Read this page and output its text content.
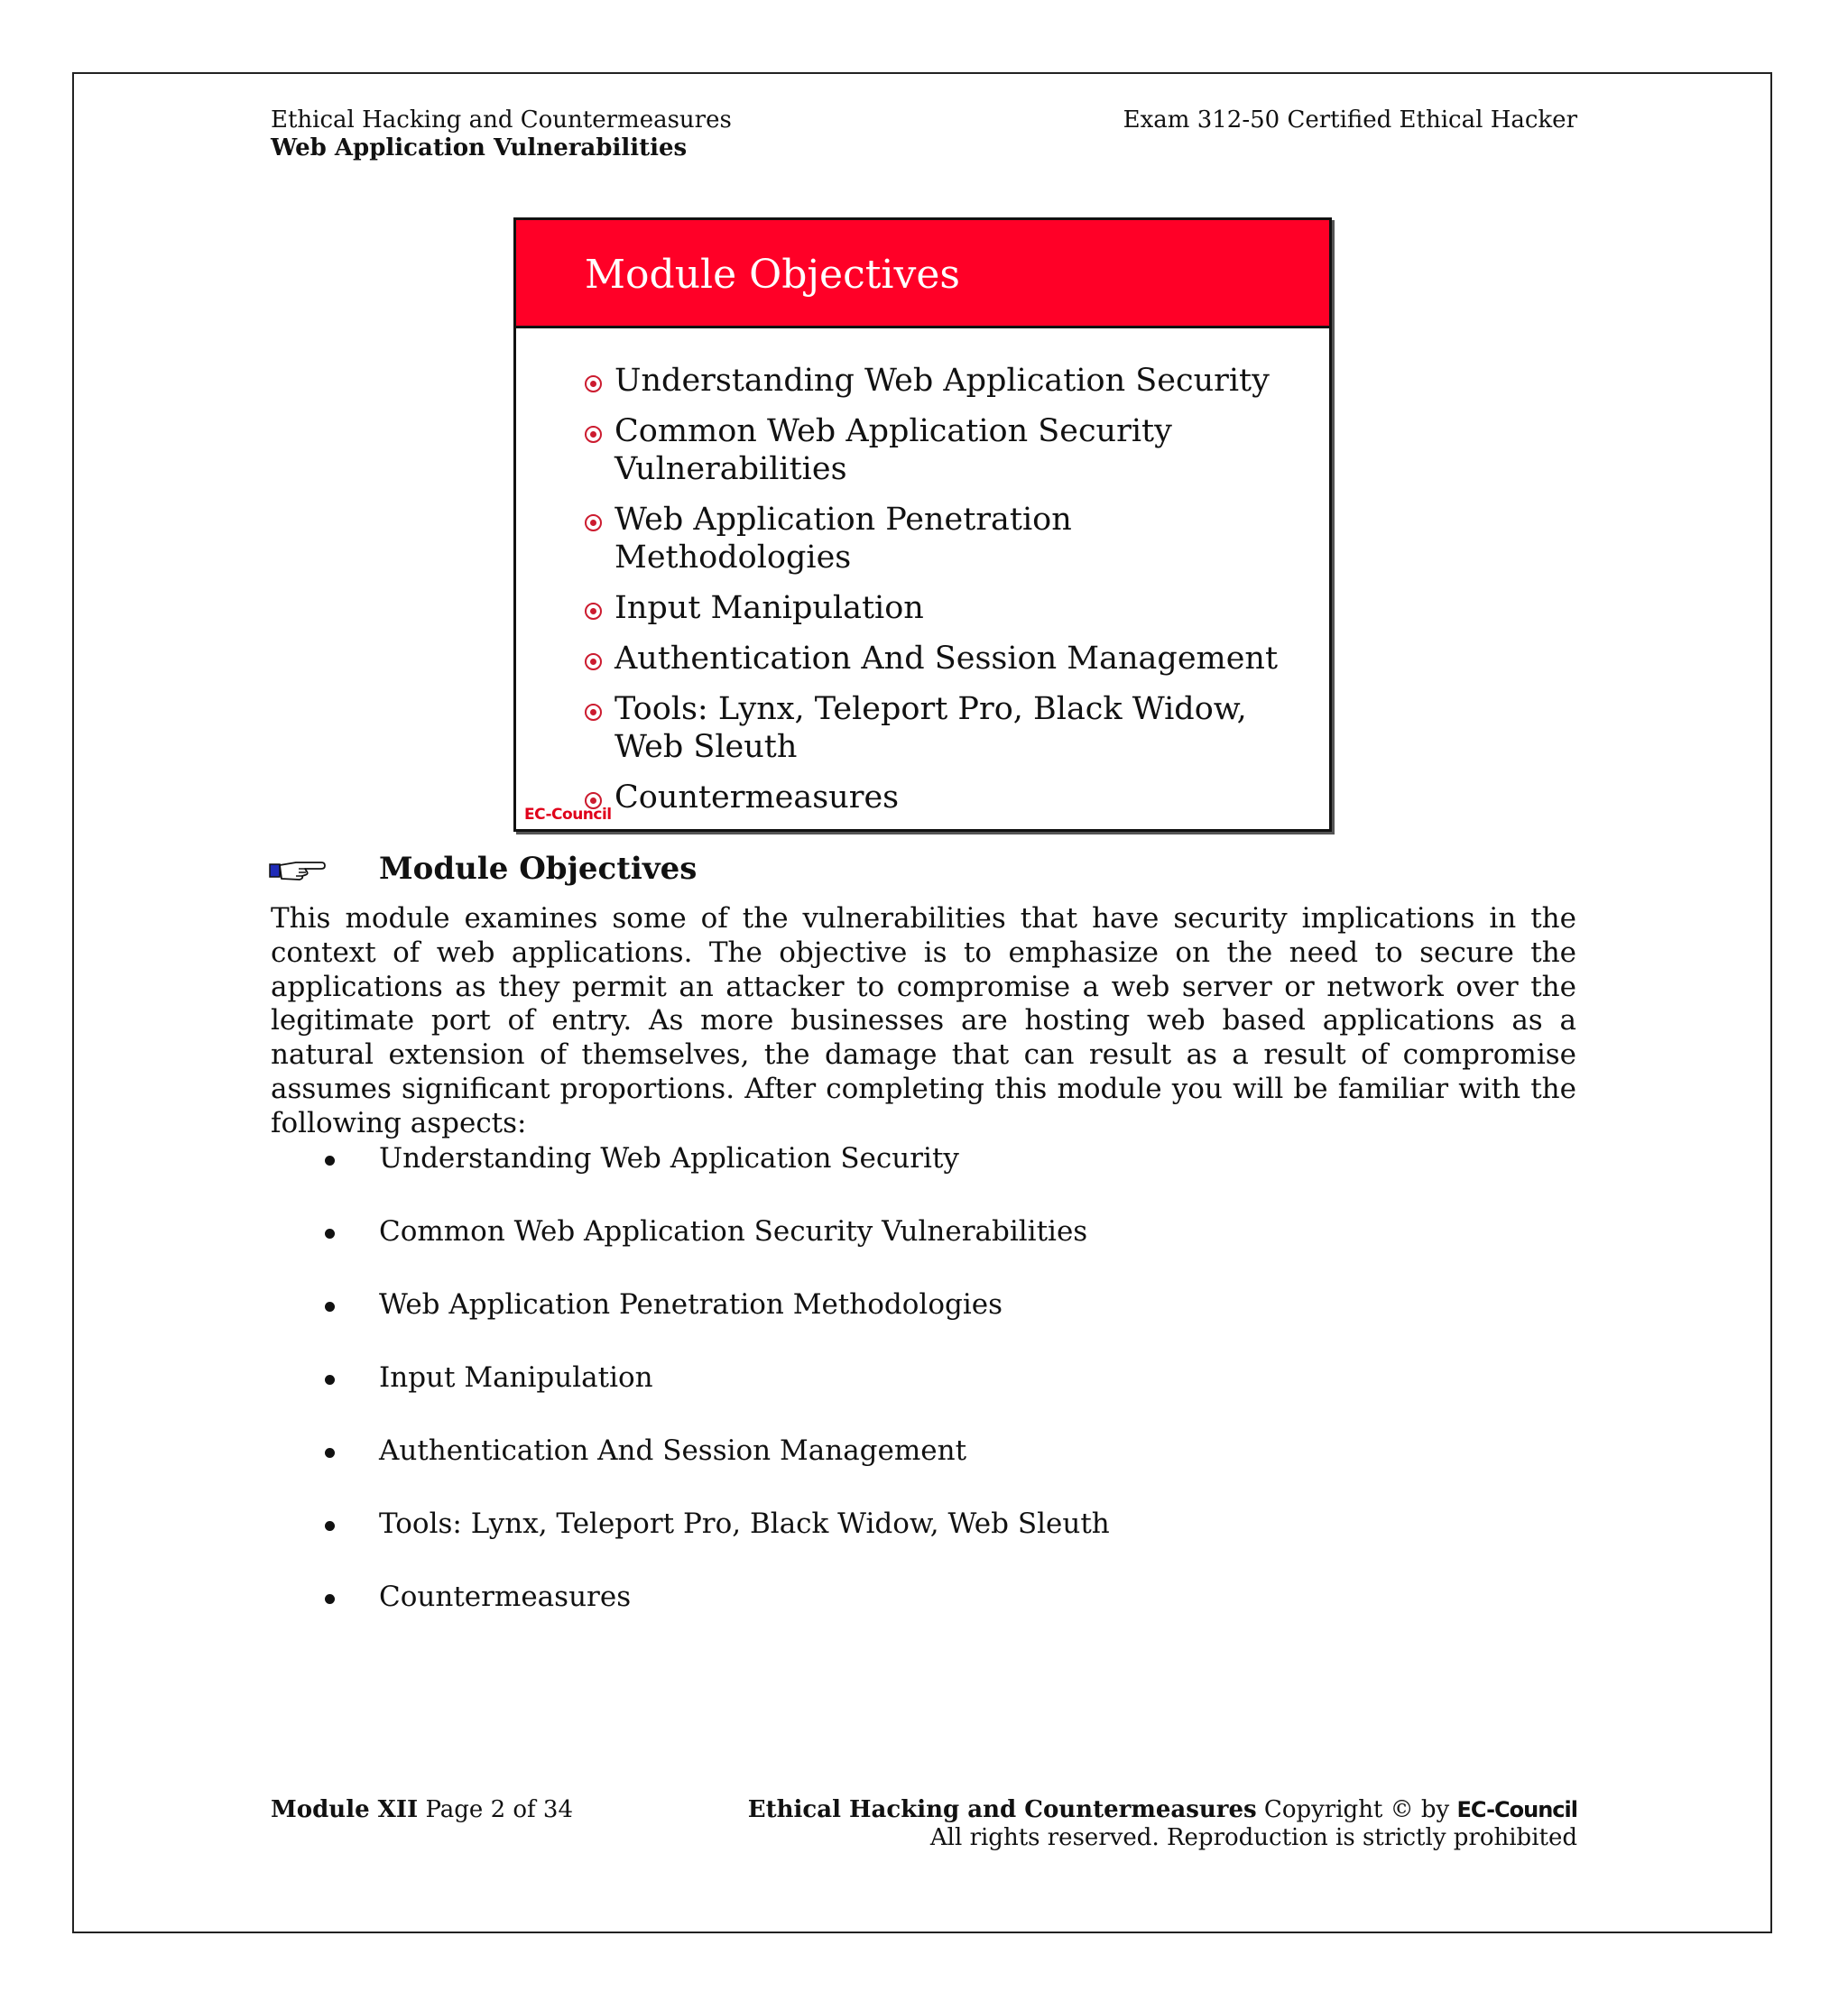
Ethical Hacking and Countermeasures
Web Application Vulnerabilities
Exam 312-50 Certified Ethical Hacker
Module Objectives
Understanding Web Application Security
Common Web Application Security Vulnerabilities
Web Application Penetration Methodologies
Input Manipulation
Authentication And Session Management
Tools: Lynx, Teleport Pro, Black Widow, Web Sleuth
Countermeasures
EC-Council
Module Objectives

This module examines some of the vulnerabilities that have security implications in the context of web applications. The objective is to emphasize on the need to secure the applications as they permit an attacker to compromise a web server or network over the legitimate port of entry. As more businesses are hosting web based applications as a natural extension of themselves, the damage that can result as a result of compromise assumes significant proportions. After completing this module you will be familiar with the following aspects:

Understanding Web Application Security
Common Web Application Security Vulnerabilities
Web Application Penetration Methodologies
Input Manipulation
Authentication And Session Management
Tools: Lynx, Teleport Pro, Black Widow, Web Sleuth
Countermeasures
Module XII Page 2 of 34	Ethical Hacking and Countermeasures Copyright © by EC-Council
All rights reserved. Reproduction is strictly prohibited
